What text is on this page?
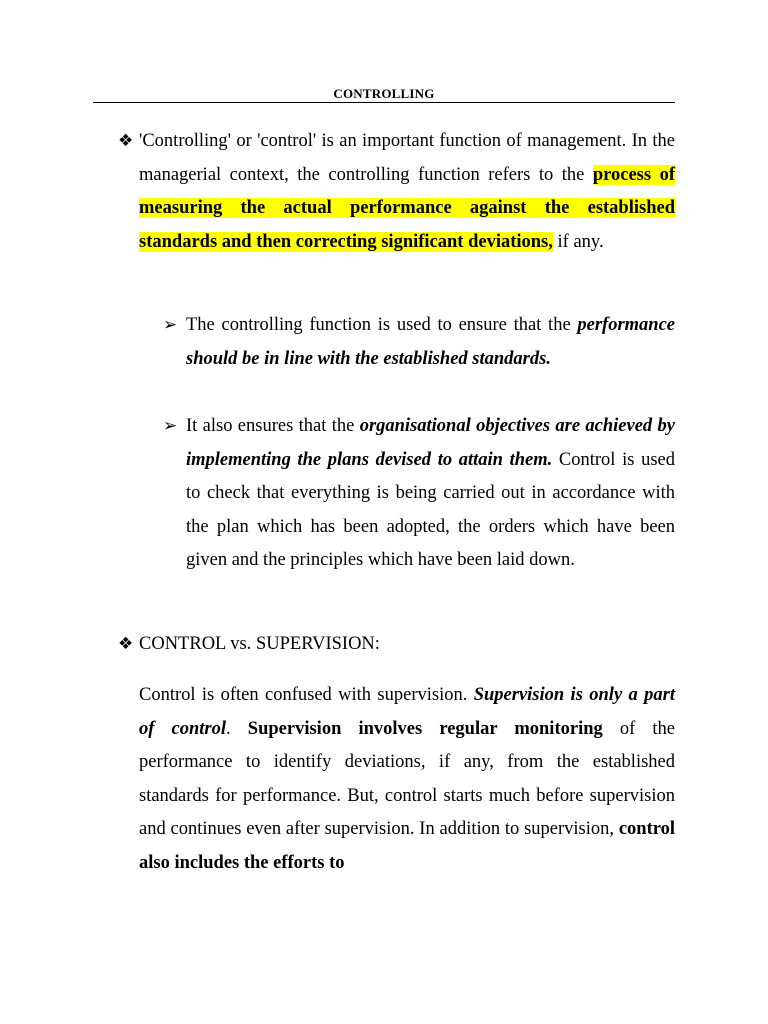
CONTROLLING
❖ 'Controlling' or 'control' is an important function of management. In the managerial context, the controlling function refers to the process of measuring the actual performance against the established standards and then correcting significant deviations, if any.
➢ The controlling function is used to ensure that the performance should be in line with the established standards.
➢ It also ensures that the organisational objectives are achieved by implementing the plans devised to attain them. Control is used to check that everything is being carried out in accordance with the plan which has been adopted, the orders which have been given and the principles which have been laid down.
❖ CONTROL vs. SUPERVISION:
Control is often confused with supervision. Supervision is only a part of control. Supervision involves regular monitoring of the performance to identify deviations, if any, from the established standards for performance. But, control starts much before supervision and continues even after supervision. In addition to supervision, control also includes the efforts to
